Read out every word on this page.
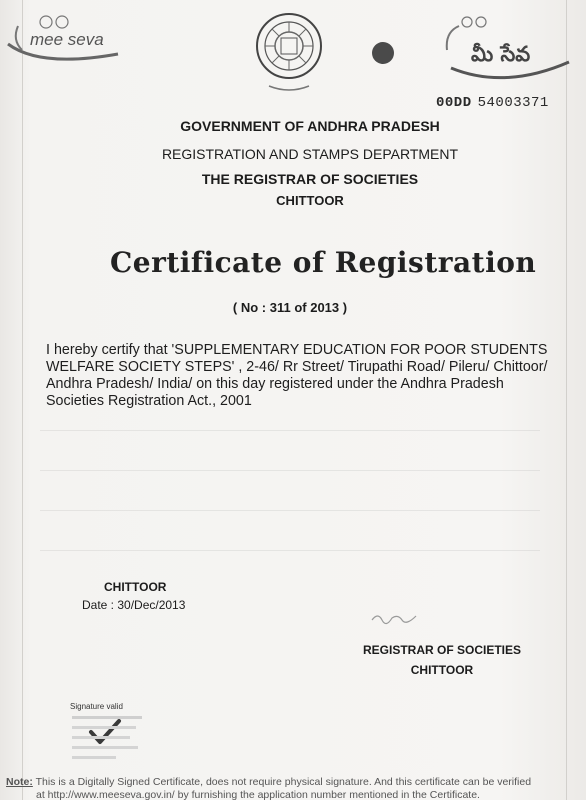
mee seva
మీ సేవ
00DD 54003371
GOVERNMENT OF ANDHRA PRADESH
REGISTRATION AND STAMPS DEPARTMENT
THE REGISTRAR OF SOCIETIES
CHITTOOR
Certificate of Registration
( No : 311 of 2013 )
I hereby certify that 'SUPPLEMENTARY EDUCATION FOR POOR STUDENTS WELFARE SOCIETY STEPS' , 2-46/ Rr Street/ Tirupathi Road/ Pileru/ Chittoor/ Andhra Pradesh/ India/ on this day registered under the Andhra Pradesh Societies Registration Act., 2001
CHITTOOR
Date : 30/Dec/2013
REGISTRAR OF SOCIETIES
CHITTOOR
Signature valid
Note: This is a Digitally Signed Certificate, does not require physical signature. And this certificate can be verified
at http://www.meeseva.gov.in/ by furnishing the application number mentioned in the Certificate.
